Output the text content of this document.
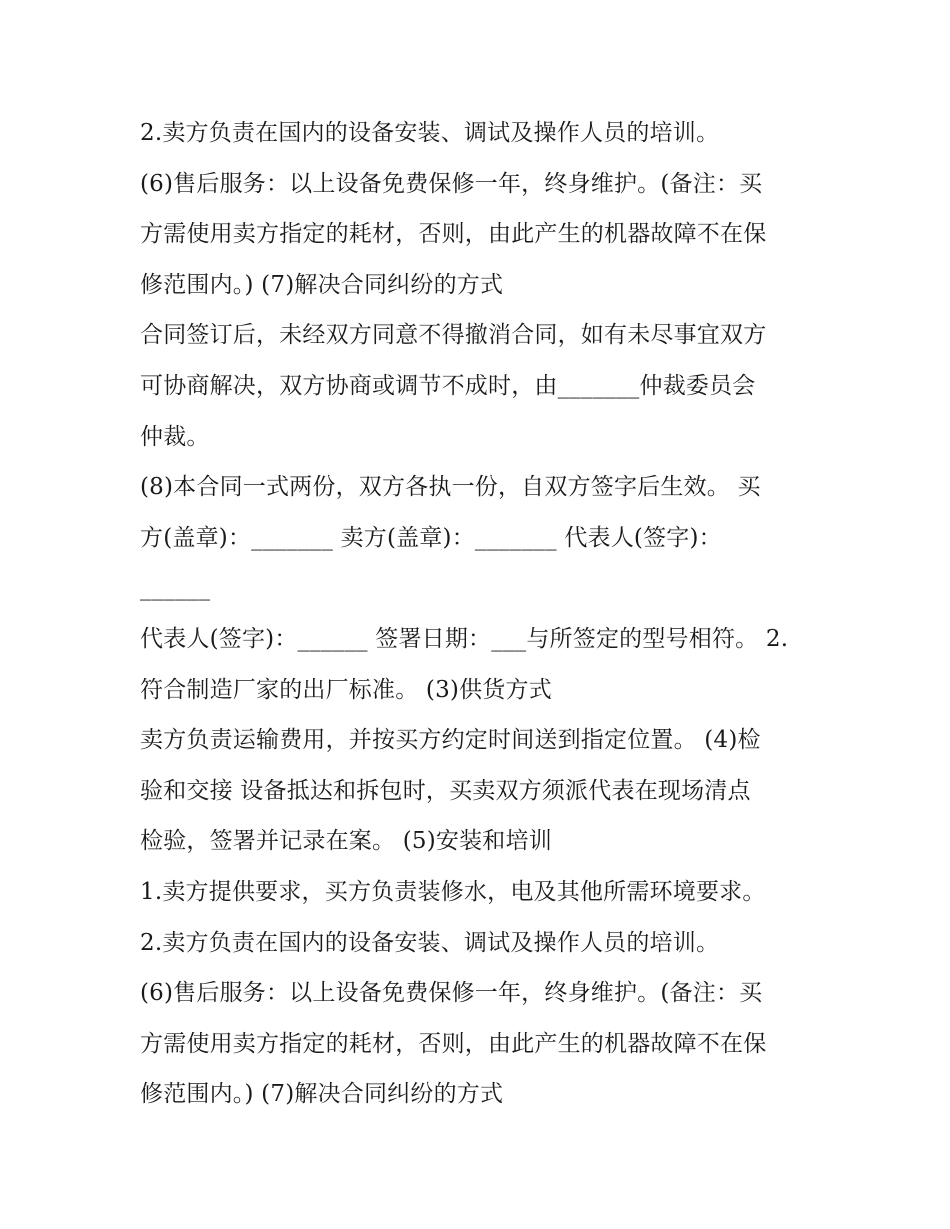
2.卖方负责在国内的设备安装、调试及操作人员的培训。
(6)售后服务：以上设备免费保修一年，终身维护。(备注：买
方需使用卖方指定的耗材，否则，由此产生的机器故障不在保
修范围内。) (7)解决合同纠纷的方式
合同签订后，未经双方同意不得撤消合同，如有未尽事宜双方
可协商解决，双方协商或调节不成时，由_______仲裁委员会
仲裁。
(8)本合同一式两份，双方各执一份，自双方签字后生效。 买
方(盖章)：_______ 卖方(盖章)：_______ 代表人(签字)：
______
代表人(签字)：______ 签署日期：___与所签定的型号相符。 2.
符合制造厂家的出厂标准。 (3)供货方式
卖方负责运输费用，并按买方约定时间送到指定位置。 (4)检
验和交接 设备抵达和拆包时，买卖双方须派代表在现场清点
检验，签署并记录在案。 (5)安装和培训
1.卖方提供要求，买方负责装修水，电及其他所需环境要求。
2.卖方负责在国内的设备安装、调试及操作人员的培训。
(6)售后服务：以上设备免费保修一年，终身维护。(备注：买
方需使用卖方指定的耗材，否则，由此产生的机器故障不在保
修范围内。) (7)解决合同纠纷的方式
